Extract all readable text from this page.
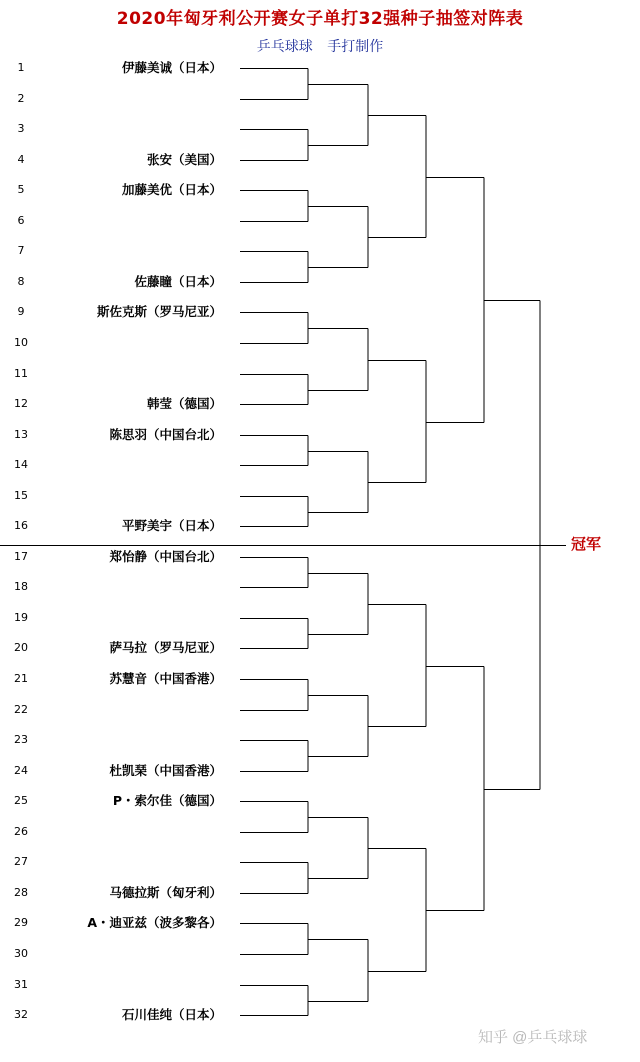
2020年匈牙利公开赛女子单打32强种子抽签对阵表
乒乓球球 手打制作
1	伊藤美诚（日本）
2
3
4	张安（美国）
5	加藤美优（日本）
6
7
8	佐藤瞳（日本）
9	斯佐克斯（罗马尼亚）
10
11
12	韩莹（德国）
13	陈思羽（中国台北）
14
15
16	平野美宇（日本）
17	郑怡静（中国台北）
18
19
20	萨马拉（罗马尼亚）
21	苏慧音（中国香港）
22
23
24	杜凯琹（中国香港）
25	P・索尔佳（德国）
26
27
28	马德拉斯（匈牙利）
29	A・迪亚兹（波多黎各）
30
31
32	石川佳纯（日本）
冠军
知乎 @乒乓球球
